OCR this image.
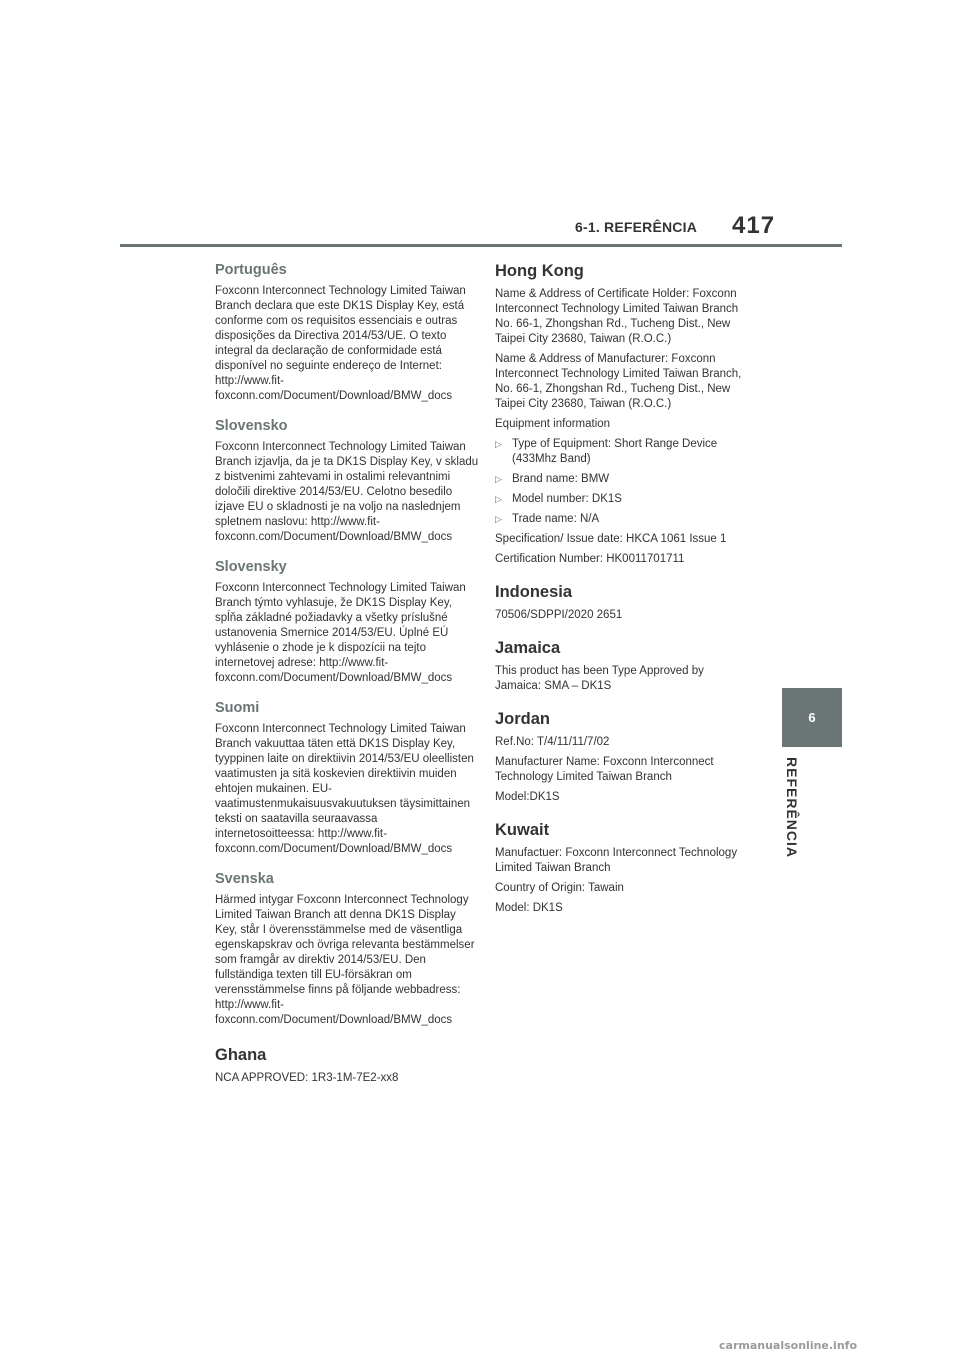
6-1. REFERÊNCIA 417
6
REFERÊNCIA
Português

Foxconn Interconnect Technology Limited Taiwan Branch declara que este DK1S Display Key, está conforme com os requisitos essenciais e outras disposições da Directiva 2014/53/UE. O texto integral da declaração de conformidade está disponível no seguinte endereço de Internet: http://www.fit-foxconn.com/Document/Download/BMW_docs

Slovensko

Foxconn Interconnect Technology Limited Taiwan Branch izjavlja, da je ta DK1S Display Key, v skladu z bistvenimi zahtevami in ostalimi relevantnimi določili direktive 2014/53/EU. Celotno besedilo izjave EU o skladnosti je na voljo na naslednjem spletnem naslovu: http://www.fit-foxconn.com/Document/Download/BMW_docs

Slovensky

Foxconn Interconnect Technology Limited Taiwan Branch týmto vyhlasuje, že DK1S Display Key, spĺňa základné požiadavky a všetky príslušné ustanovenia Smernice 2014/53/EU. Úplné EÚ vyhlásenie o zhode je k dispozícii na tejto internetovej adrese: http://www.fit-foxconn.com/Document/Download/BMW_docs

Suomi

Foxconn Interconnect Technology Limited Taiwan Branch vakuuttaa täten että DK1S Display Key, tyyppinen laite on direktiivin 2014/53/EU oleellisten vaatimusten ja sitä koskevien direktiivin muiden ehtojen mukainen. EU-vaatimustenmukaisuusvakuutuksen täysimittainen teksti on saatavilla seuraavassa internetosoitteessa: http://www.fit-foxconn.com/Document/Download/BMW_docs

Svenska

Härmed intygar Foxconn Interconnect Technology Limited Taiwan Branch att denna DK1S Display Key, står I överensstämmelse med de väsentliga egenskapskrav och övriga relevanta bestämmelser som framgår av direktiv 2014/53/EU. Den fullständiga texten till EU-försäkran om verensstämmelse finns på följande webbadress: http://www.fit-foxconn.com/Document/Download/BMW_docs

Ghana

NCA APPROVED: 1R3-1M-7E2-xx8

Hong Kong

Name & Address of Certificate Holder: Foxconn Interconnect Technology Limited Taiwan Branch No. 66-1, Zhongshan Rd., Tucheng Dist., New Taipei City 23680, Taiwan (R.O.C.)

Name & Address of Manufacturer: Foxconn Interconnect Technology Limited Taiwan Branch, No. 66-1, Zhongshan Rd., Tucheng Dist., New Taipei City 23680, Taiwan (R.O.C.)

Equipment information

▷ Type of Equipment: Short Range Device (433Mhz Band)
▷ Brand name: BMW
▷ Model number: DK1S
▷ Trade name: N/A

Specification/ Issue date: HKCA 1061 Issue 1

Certification Number: HK0011701711

Indonesia

70506/SDPPI/2020 2651

Jamaica

This product has been Type Approved by Jamaica: SMA – DK1S

Jordan

Ref.No: T/4/11/11/7/02

Manufacturer Name: Foxconn Interconnect Technology Limited Taiwan Branch

Model:DK1S

Kuwait

Manufactuer: Foxconn Interconnect Technology Limited Taiwan Branch

Country of Origin: Tawain

Model: DK1S

carmanualsonline.info
